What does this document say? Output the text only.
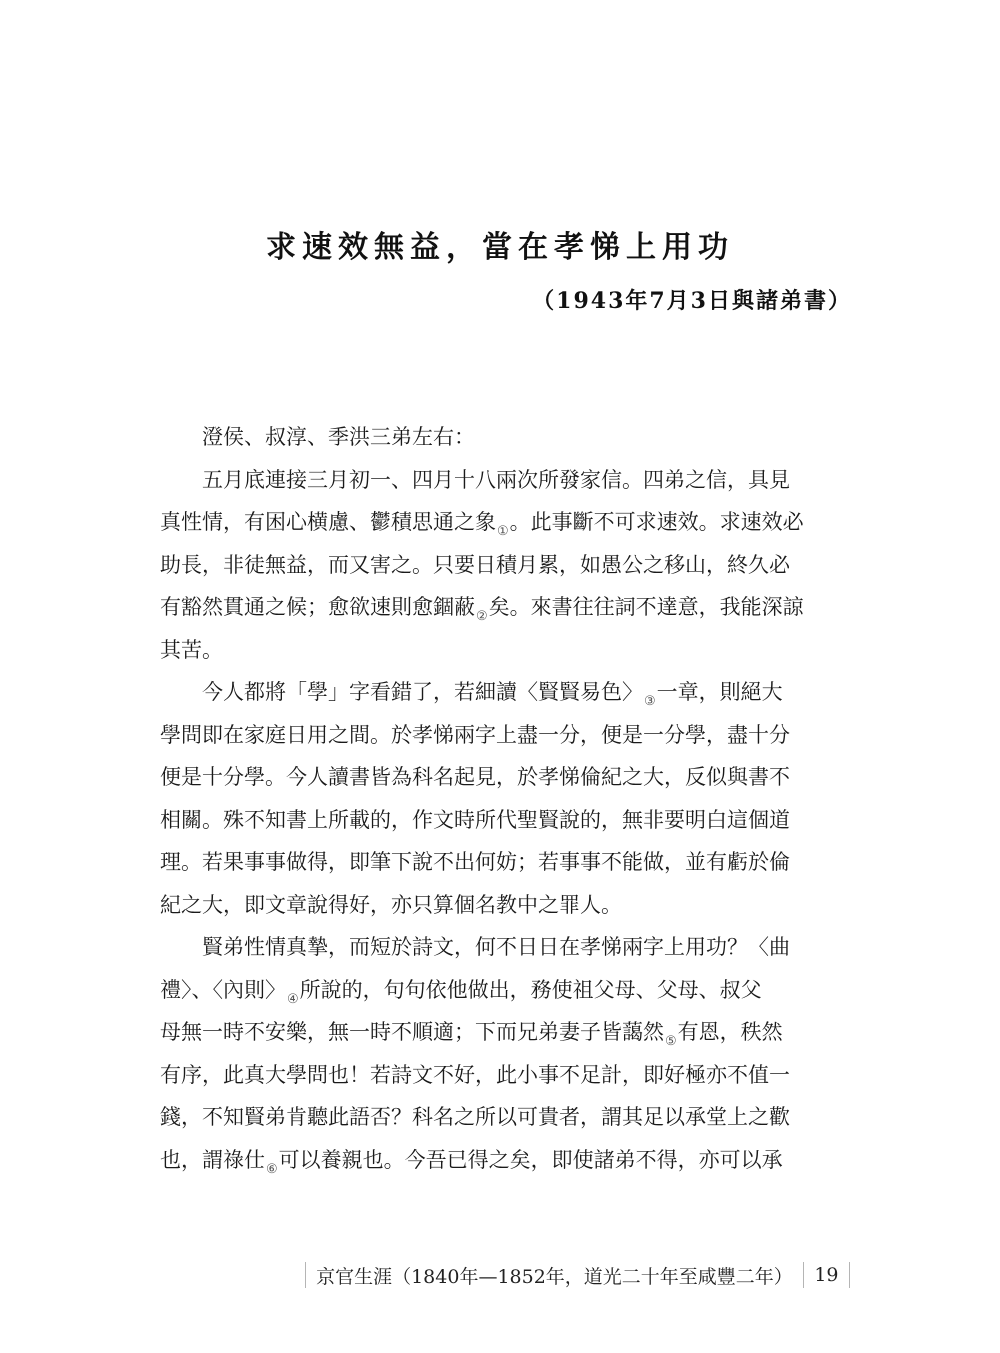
求速效無益，當在孝悌上用功
（1943年7月3日與諸弟書）
澄侯、叔淳、季洪三弟左右：
五月底連接三月初一、四月十八兩次所發家信。四弟之信，具見
真性情，有困心横慮、鬱積思通之象①。此事斷不可求速效。求速效必
助長，非徒無益，而又害之。只要日積月累，如愚公之移山，終久必
有豁然貫通之候；愈欲速則愈錮蔽②矣。來書往往詞不達意，我能深諒
其苦。
今人都將「學」字看錯了，若細讀〈賢賢易色〉③一章，則絕大
學問即在家庭日用之間。於孝悌兩字上盡一分，便是一分學，盡十分
便是十分學。今人讀書皆為科名起見，於孝悌倫紀之大，反似與書不
相關。殊不知書上所載的，作文時所代聖賢說的，無非要明白這個道
理。若果事事做得，即筆下說不出何妨；若事事不能做，並有虧於倫
紀之大，即文章說得好，亦只算個名教中之罪人。
賢弟性情真摯，而短於詩文，何不日日在孝悌兩字上用功？〈曲
禮〉、〈內則〉④所說的，句句依他做出，務使祖父母、父母、叔父
母無一時不安樂，無一時不順適；下而兄弟妻子皆藹然⑤有恩，秩然
有序，此真大學問也！若詩文不好，此小事不足計，即好極亦不值一
錢，不知賢弟肯聽此語否？科名之所以可貴者，謂其足以承堂上之歡
也，謂祿仕⑥可以養親也。今吾已得之矣，即使諸弟不得，亦可以承
京官生涯（1840年—1852年，道光二十年至咸豐二年） 19
